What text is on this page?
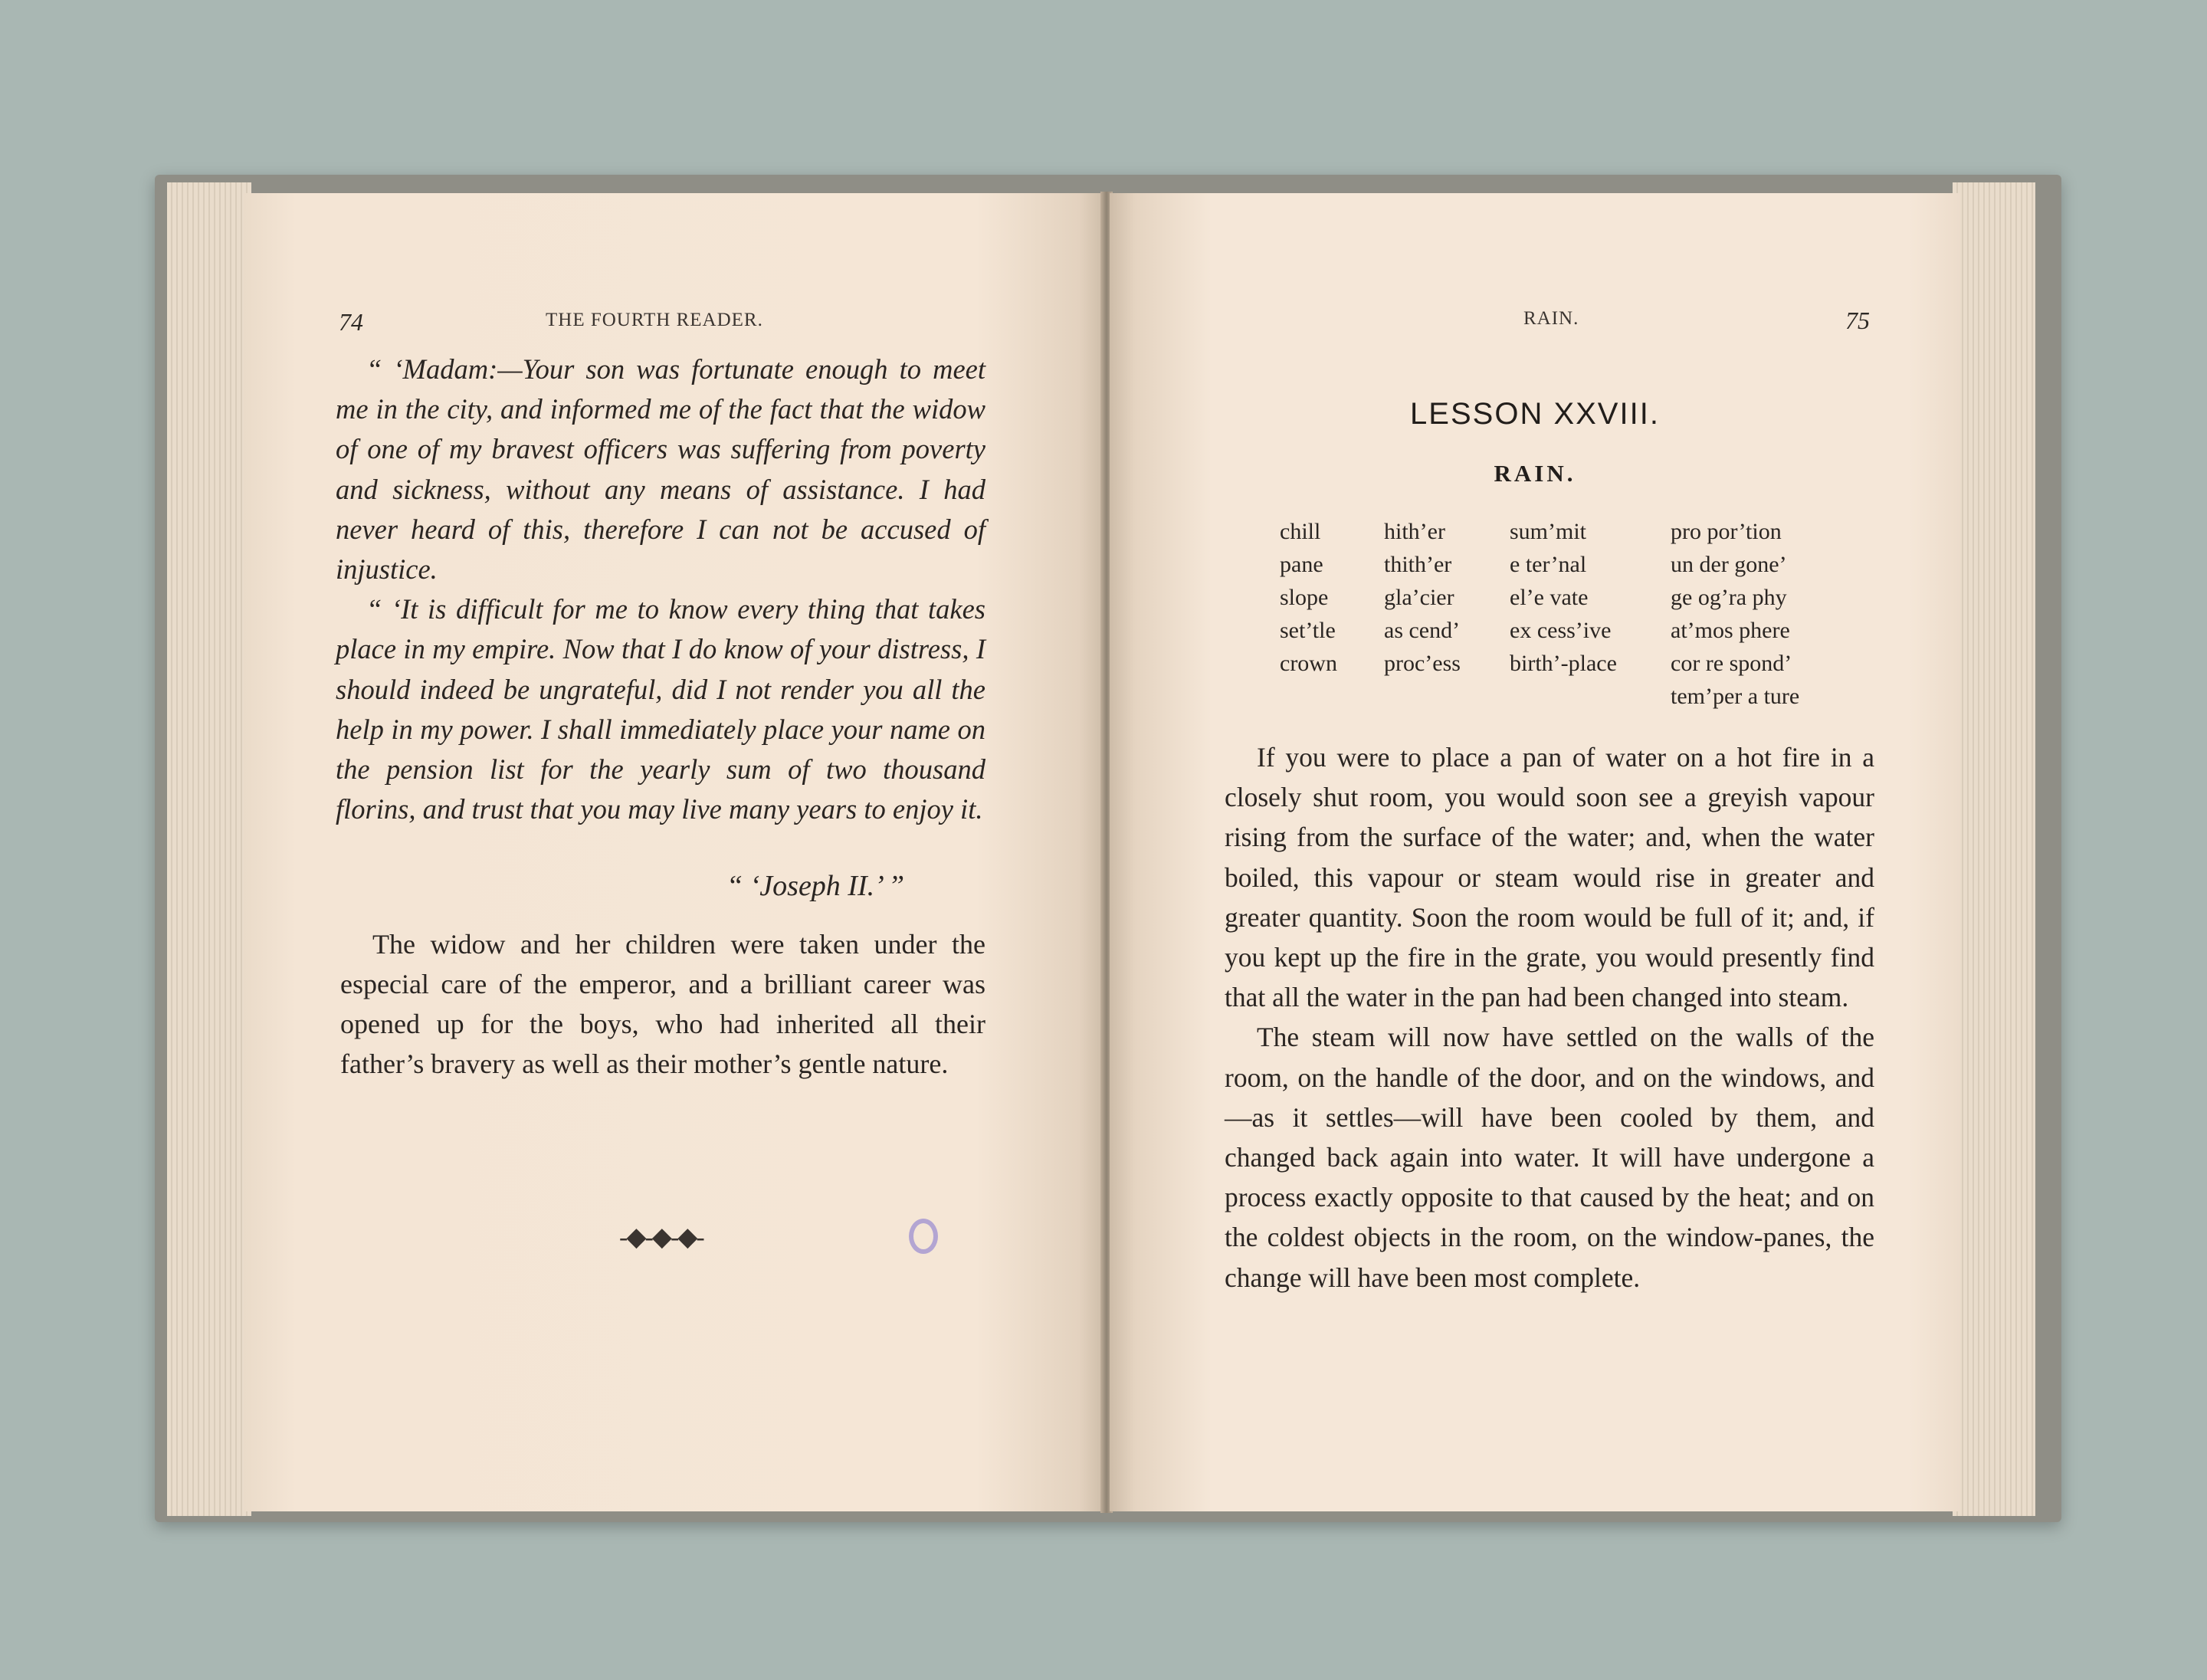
74	THE FOURTH READER.

“ ‘Madam:—Your son was fortunate enough to meet me in the city, and informed me of the fact that the widow of one of my bravest officers was suffering from poverty and sickness, without any means of assistance. I had never heard of this, therefore I can not be accused of injustice.

“ ‘It is difficult for me to know every thing that takes place in my empire. Now that I do know of your distress, I should indeed be ungrateful, did I not render you all the help in my power. I shall immediately place your name on the pension list for the yearly sum of two thousand florins, and trust that you may live many years to enjoy it.

“ ‘Joseph II.’ ”

The widow and her children were taken under the especial care of the emperor, and a brilliant career was opened up for the boys, who had inherited all their father’s bravery as well as their mother’s gentle nature.

-◆-◆-◆-
RAIN.	75
LESSON XXVIII.
RAIN.
chill
pane
slope
set’tle
crown
hith’er
thith’er
gla’cier
as cend’
proc’ess
sum’mit
e ter’nal
el’e vate
ex cess’ive
birth’-place
pro por’tion
un der gone’
ge og’ra phy
at’mos phere
cor re spond’
tem’per a ture

If you were to place a pan of water on a hot fire in a closely shut room, you would soon see a greyish vapour rising from the surface of the water; and, when the water boiled, this vapour or steam would rise in greater and greater quantity. Soon the room would be full of it; and, if you kept up the fire in the grate, you would presently find that all the water in the pan had been changed into steam.

The steam will now have settled on the walls of the room, on the handle of the door, and on the windows, and—as it settles—will have been cooled by them, and changed back again into water. It will have undergone a process exactly opposite to that caused by the heat; and on the coldest objects in the room, on the window-panes, the change will have been most complete.
